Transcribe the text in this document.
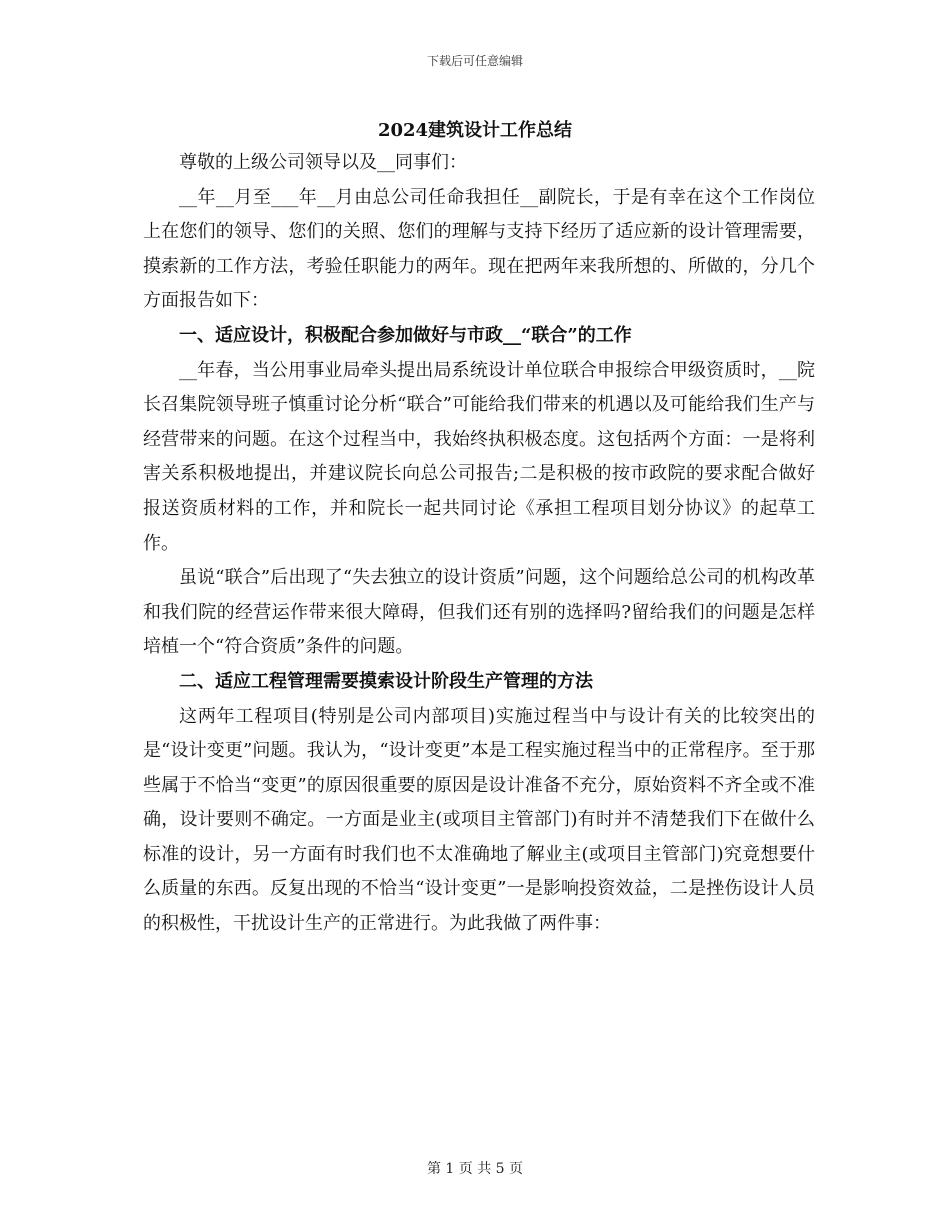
下载后可任意编辑
2024建筑设计工作总结

尊敬的上级公司领导以及__同事们：

__年__月至___年__月由总公司任命我担任__副院长，于是有幸在这个工作岗位上在您们的领导、您们的关照、您们的理解与支持下经历了适应新的设计管理需要，摸索新的工作方法，考验任职能力的两年。现在把两年来我所想的、所做的，分几个方面报告如下：

一、适应设计，积极配合参加做好与市政__“联合”的工作

__年春，当公用事业局牵头提出局系统设计单位联合申报综合甲级资质时，__院长召集院领导班子慎重讨论分析“联合”可能给我们带来的机遇以及可能给我们生产与经营带来的问题。在这个过程当中，我始终执积极态度。这包括两个方面：一是将利害关系积极地提出，并建议院长向总公司报告;二是积极的按市政院的要求配合做好报送资质材料的工作，并和院长一起共同讨论《承担工程项目划分协议》的起草工作。

虽说“联合”后出现了“失去独立的设计资质”问题，这个问题给总公司的机构改革和我们院的经营运作带来很大障碍，但我们还有别的选择吗?留给我们的问题是怎样培植一个“符合资质”条件的问题。

二、适应工程管理需要摸索设计阶段生产管理的方法

这两年工程项目(特别是公司内部项目)实施过程当中与设计有关的比较突出的是“设计变更”问题。我认为，“设计变更”本是工程实施过程当中的正常程序。至于那些属于不恰当“变更”的原因很重要的原因是设计准备不充分，原始资料不齐全或不准确，设计要则不确定。一方面是业主(或项目主管部门)有时并不清楚我们下在做什么标准的设计，另一方面有时我们也不太准确地了解业主(或项目主管部门)究竟想要什么质量的东西。反复出现的不恰当“设计变更”一是影响投资效益，二是挫伤设计人员的积极性，干扰设计生产的正常进行。为此我做了两件事：

第 1 页 共 5 页
